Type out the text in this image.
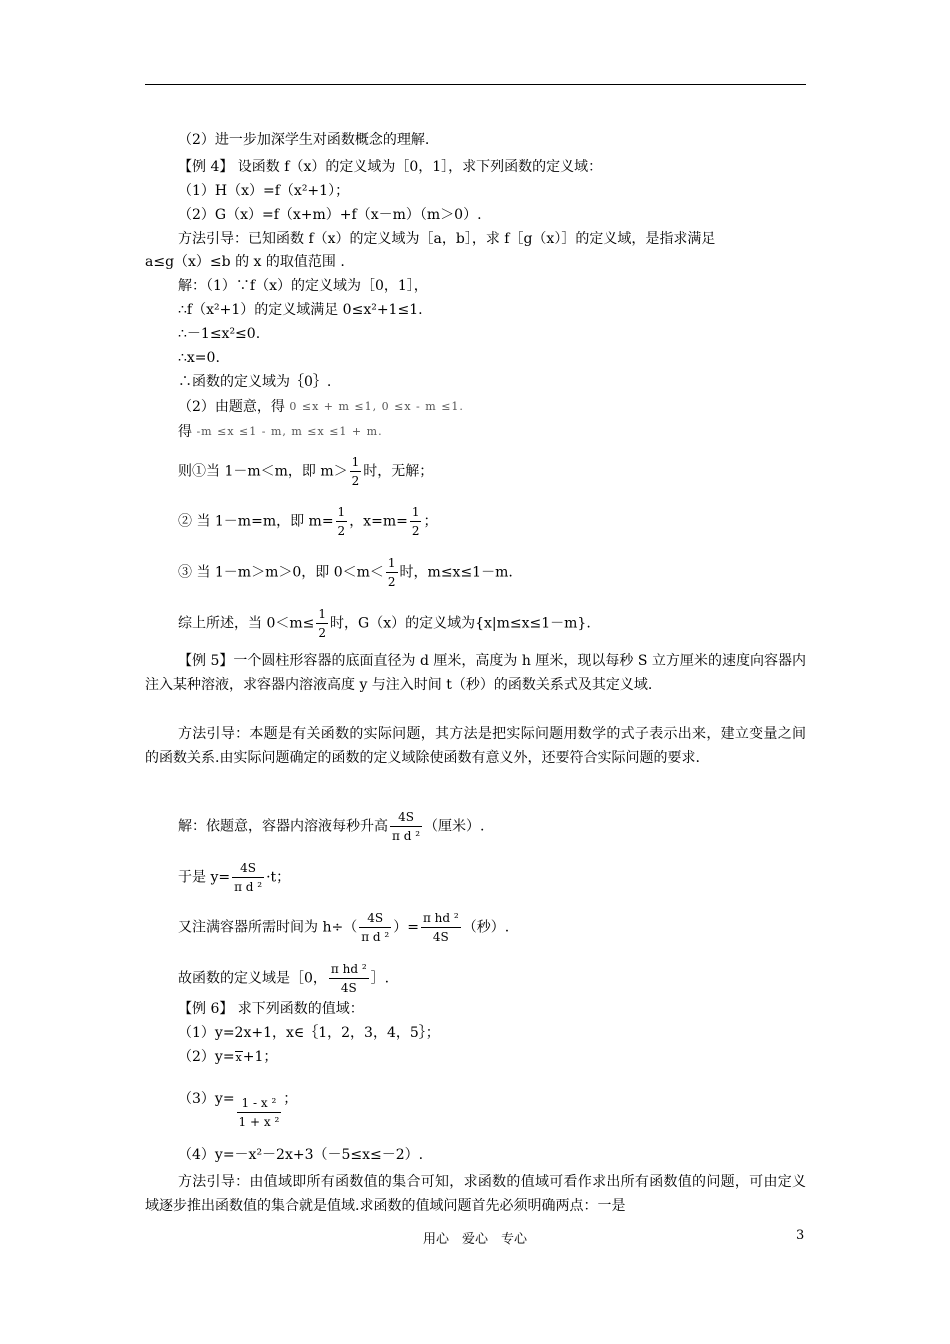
（2）进一步加深学生对函数概念的理解.
【例 4】 设函数 f（x）的定义域为［0，1］，求下列函数的定义域：
（1）H（x）=f（x²+1）；
（2）G（x）=f（x+m）+f（x－m）（m＞0）.
方法引导：已知函数 f（x）的定义域为［a，b］，求 f［g（x）］的定义域，是指求满足
a≤g（x）≤b 的 x 的取值范围 .
解：（1）∵f（x）的定义域为［0，1］，
∴f（x²+1）的定义域满足 0≤x²+1≤1.
∴－1≤x²≤0.
∴x=0.
∴函数的定义域为｛0｝.
（2）由题意，得 0 ≤x + m ≤1, 0 ≤x - m ≤1.
得 -m ≤x ≤1 - m, m ≤x ≤1 + m.
则①当 1－m＜m，即 $m> \frac{1}{2}$ 时，无解；
② 当 1－m=m，即 $m= \frac{1}{2}$ ，$x=m= \frac{1}{2}$ ；
③ 当 1－m＞m＞0，即 $0<m< \frac{1}{2}$ 时，m≤x≤1－m.
综上所述，当 $0<m\le \frac{1}{2}$ 时，G（x）的定义域为{x|m≤x≤1－m}.

【例 5】一个圆柱形容器的底面直径为 d 厘米，高度为 h 厘米，现以每秒 S 立方厘米的速度向容器内注入某种溶液，求容器内溶液高度 y 与注入时间 t（秒）的函数关系式及其定义域.

方法引导：本题是有关函数的实际问题，其方法是把实际问题用数学的式子表示出来，建立变量之间的函数关系.由实际问题确定的函数的定义域除使函数有意义外，还要符合实际问题的要求.

解：依题意，容器内溶液每秒升高 $\frac{4S}{\text{π d ²}}$ （厘米）.
于是 $y= \frac{4S}{\text{π d ²}} \cdot t$；
又注满容器所需时间为 $h\div( \frac{4S}{\text{π d ²}}$ ）= $\frac{\text{π hd ²}}{4S}$ （秒）.
故函数的定义域是［0， $\frac{\text{π hd ²}}{4S}$ ］.
【例 6】 求下列函数的值域：
（1）y=2x+1，x∈｛1，2，3，4，5｝；
（2）y=x+1；
$(3)y= \frac{\text{1 - x ²}}{\text{1 + x ²}}$ ；
（4）y=－x²－2x+3（－5≤x≤－2）.

方法引导：由值域即所有函数值的集合可知，求函数的值域可看作求出所有函数值的问题，可由定义域逐步推出函数值的集合就是值域.求函数的值域问题首先必须明确两点：一是

用心　爱心　专心	3
